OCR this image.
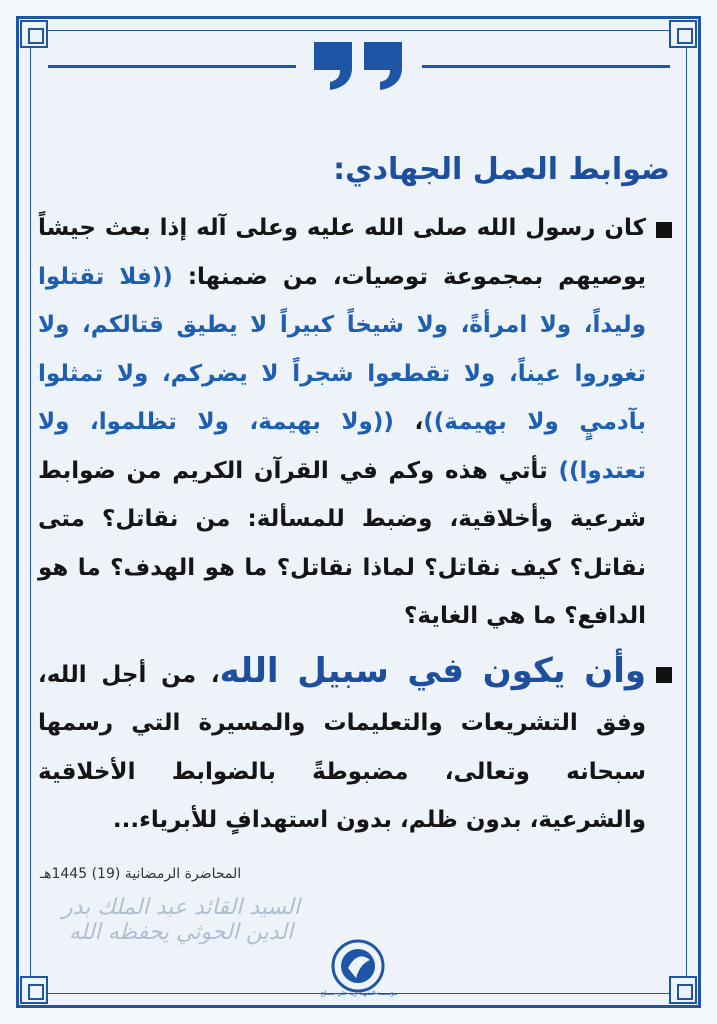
ضوابط العمل الجهادي:
كان رسول الله صلى الله عليه وعلى آله إذا بعث جيشاً يوصيهم بمجموعة توصيات، من ضمنها: ((فلا تقتلوا وليداً، ولا امرأةً، ولا شيخاً كبيراً لا يطيق قتالكم، ولا تغوروا عيناً، ولا تقطعوا شجراً لا يضركم، ولا تمثلوا بآدميٍ ولا بهيمة))، ((ولا بهيمة، ولا تظلموا، ولا تعتدوا)) تأتي هذه وكم في القرآن الكريم من ضوابط شرعية وأخلاقية، وضبط للمسألة: من نقاتل؟ متى نقاتل؟ كيف نقاتل؟ لماذا نقاتل؟ ما هو الهدف؟ ما هو الدافع؟ ما هي الغاية؟
وأن يكون في سبيل الله، من أجل الله، وفق التشريعات والتعليمات والمسيرة التي رسمها سبحانه وتعالى، مضبوطةً بالضوابط الأخلاقية والشرعية، بدون ظلم، بدون استهدافٍ للأبرياء...
المحاضرة الرمضانية (19) 1445هـ
السيد القائد عبد الملك بدر الدين الحوثي يحفظه الله
مؤسسة الشهيد زيد علي مصلح
